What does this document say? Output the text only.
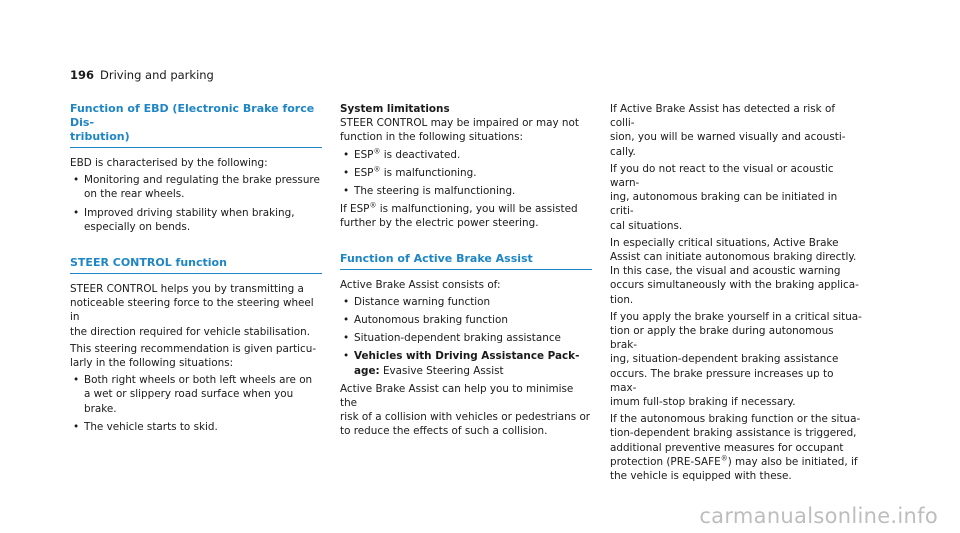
196 Driving and parking
Function of EBD (Electronic Brake force Dis-
tribution)

EBD is characterised by the following:

• Monitoring and regulating the brake pressure
on the rear wheels.
• Improved driving stability when braking,
especially on bends.
STEER CONTROL function

STEER CONTROL helps you by transmitting a
noticeable steering force to the steering wheel in
the direction required for vehicle stabilisation.

This steering recommendation is given particu-
larly in the following situations:

• Both right wheels or both left wheels are on
a wet or slippery road surface when you
brake.
• The vehicle starts to skid.

System limitations

STEER CONTROL may be impaired or may not
function in the following situations:

• ESP® is deactivated.
• ESP® is malfunctioning.
• The steering is malfunctioning.

If ESP® is malfunctioning, you will be assisted
further by the electric power steering.

Function of Active Brake Assist

Active Brake Assist consists of:

• Distance warning function
• Autonomous braking function
• Situation-dependent braking assistance
• Vehicles with Driving Assistance Pack-
age: Evasive Steering Assist

Active Brake Assist can help you to minimise the
risk of a collision with vehicles or pedestrians or
to reduce the effects of such a collision.

If Active Brake Assist has detected a risk of colli-
sion, you will be warned visually and acousti-
cally.

If you do not react to the visual or acoustic warn-
ing, autonomous braking can be initiated in criti-
cal situations.

In especially critical situations, Active Brake
Assist can initiate autonomous braking directly.
In this case, the visual and acoustic warning
occurs simultaneously with the braking applica-
tion.

If you apply the brake yourself in a critical situa-
tion or apply the brake during autonomous brak-
ing, situation-dependent braking assistance
occurs. The brake pressure increases up to max-
imum full-stop braking if necessary.

If the autonomous braking function or the situa-
tion-dependent braking assistance is triggered,
additional preventive measures for occupant
protection (PRE-SAFE®) may also be initiated, if
the vehicle is equipped with these.

carmanualsonline.info
